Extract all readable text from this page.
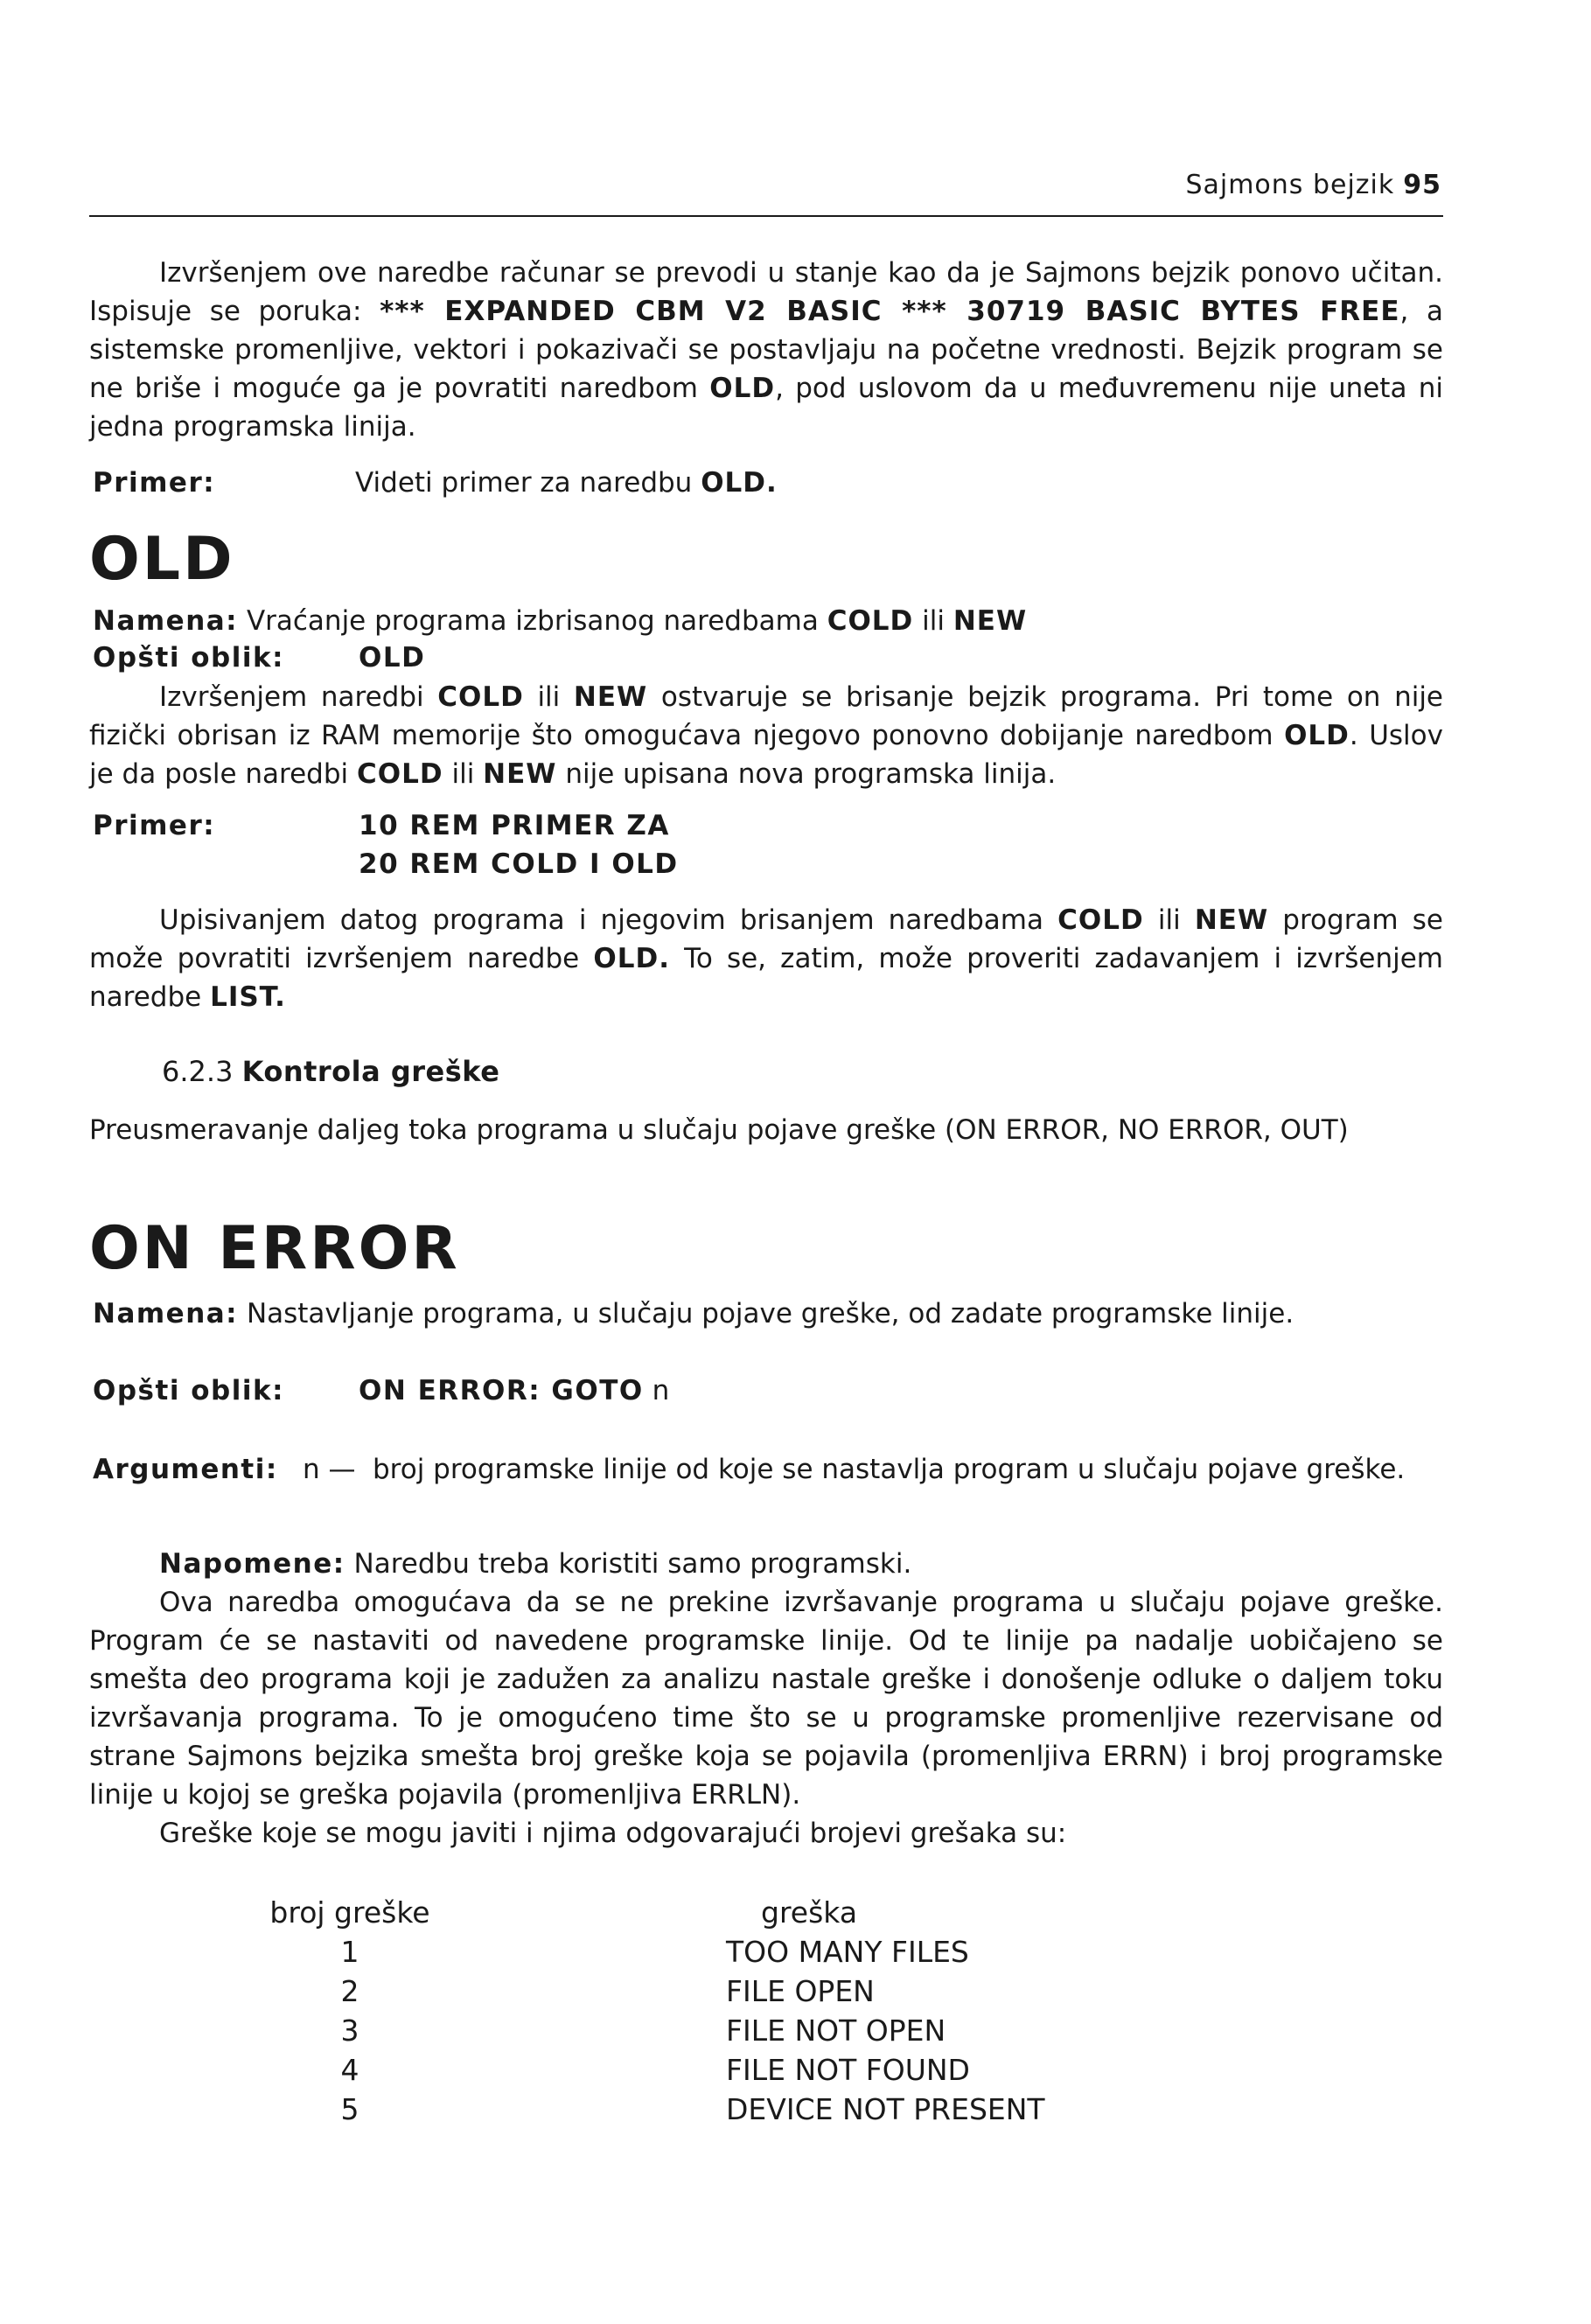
Sajmons bejzik 95

Izvršenjem ove naredbe računar se prevodi u stanje kao da je Sajmons bejzik ponovo učitan. Ispisuje se poruka: *** EXPANDED CBM V2 BASIC *** 30719 BASIC BYTES FREE, a sistemske promenljive, vektori i pokazivači se postavljaju na početne vrednosti. Bejzik program se ne briše i moguće ga je povratiti naredbom OLD, pod uslovom da u međuvremenu nije uneta ni jedna programska linija.

Primer:	Videti primer za naredbu OLD.
OLD
Namena: Vraćanje programa izbrisanog naredbama COLD ili NEW
Opšti oblik:	OLD

Izvršenjem naredbi COLD ili NEW ostvaruje se brisanje bejzik programa. Pri tome on nije fizički obrisan iz RAM memorije što omogućava njegovo ponovno dobijanje naredbom OLD. Uslov je da posle naredbi COLD ili NEW nije upisana nova programska linija.

Primer:	10 REM PRIMER ZA
20 REM COLD I OLD

Upisivanjem datog programa i njegovim brisanjem naredbama COLD ili NEW program se može povratiti izvršenjem naredbe OLD. To se, zatim, može proveriti zadavanjem i izvršenjem naredbe LIST.

6.2.3 Kontrola greške

Preusmeravanje daljeg toka programa u slučaju pojave greške (ON ERROR, NO ERROR, OUT)

ON ERROR
Namena: Nastavljanje programa, u slučaju pojave greške, od zadate programske linije.
Opšti oblik:	ON ERROR: GOTO n
Argumenti: n — broj programske linije od koje se nastavlja program u slučaju pojave greške.

Napomene: Naredbu treba koristiti samo programski.

Ova naredba omogućava da se ne prekine izvršavanje programa u slučaju pojave greške. Program će se nastaviti od navedene programske linije. Od te linije pa nadalje uobičajeno se smešta deo programa koji je zadužen za analizu nastale greške i donošenje odluke o daljem toku izvršavanja programa. To je omogućeno time što se u programske promenljive rezervisane od strane Sajmons bejzika smešta broj greške koja se pojavila (promenljiva ERRN) i broj programske linije u kojoj se greška pojavila (promenljiva ERRLN).

Greške koje se mogu javiti i njima odgovarajući brojevi grešaka su:

broj greške	greška
1	TOO MANY FILES
2	FILE OPEN
3	FILE NOT OPEN
4	FILE NOT FOUND
5	DEVICE NOT PRESENT
